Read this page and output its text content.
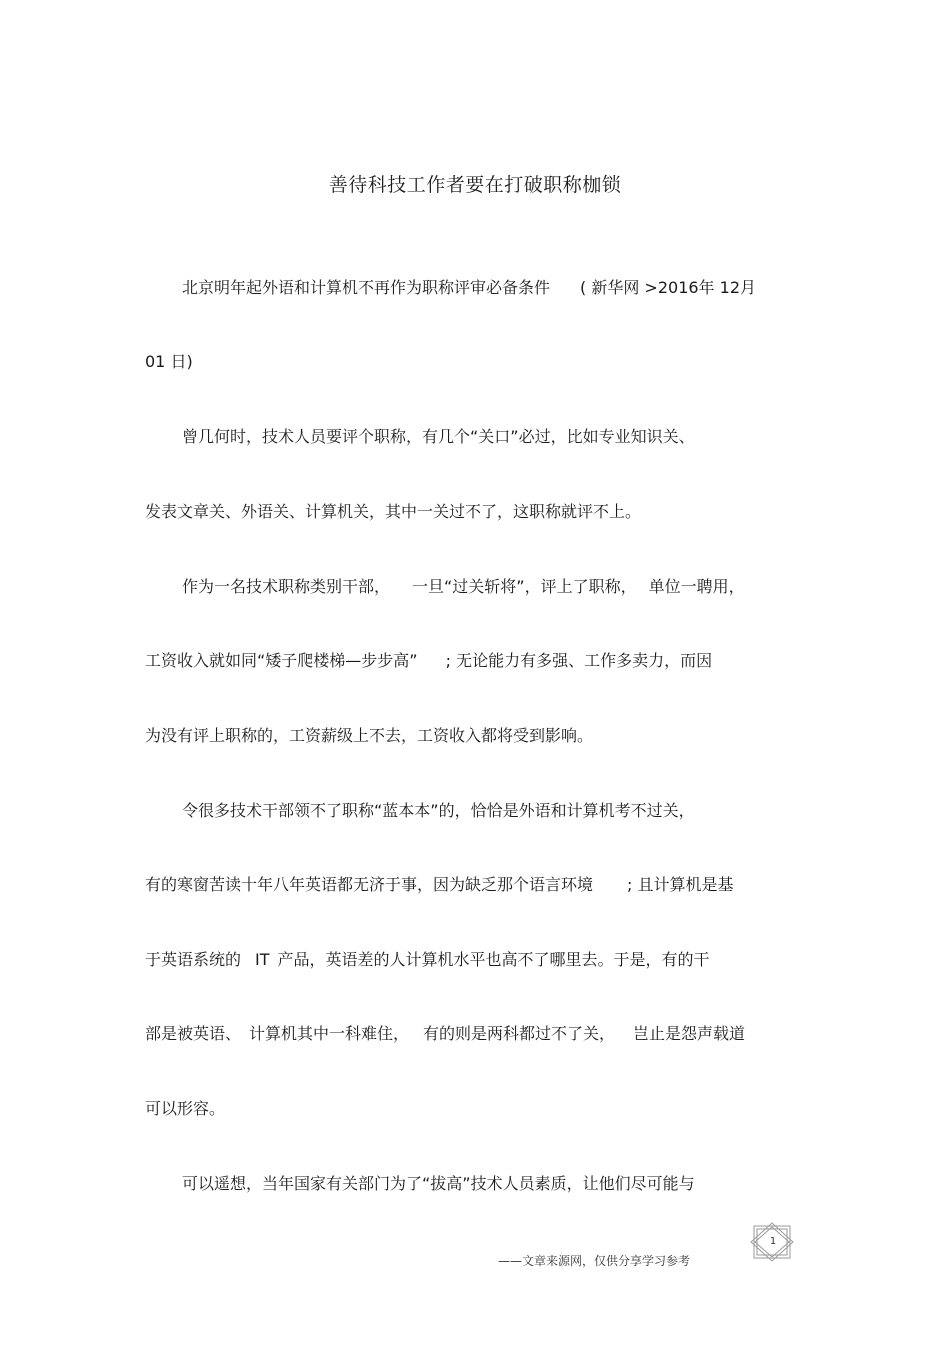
善待科技工作者要在打破职称枷锁
北京明年起外语和计算机不再作为职称评审必备条件 ( 新华网 >2016年 12月
01 日)
曾几何时，技术人员要评个职称，有几个“关口”必过，比如专业知识关、
发表文章关、外语关、计算机关，其中一关过不了，这职称就评不上。
作为一名技术职称类别干部， 一旦“过关斩将”，评上了职称， 单位一聘用，
工资收入就如同“矮子爬楼梯—步步高” ; 无论能力有多强、工作多卖力，而因
为没有评上职称的，工资薪级上不去，工资收入都将受到影响。
令很多技术干部领不了职称“蓝本本”的，恰恰是外语和计算机考不过关，
有的寒窗苦读十年八年英语都无济于事，因为缺乏那个语言环境 ; 且计算机是基
于英语系统的 IT 产品，英语差的人计算机水平也高不了哪里去。于是，有的干
部是被英语、 计算机其中一科难住， 有的则是两科都过不了关， 岂止是怨声载道
可以形容。
可以遥想，当年国家有关部门为了“拔高”技术人员素质，让他们尽可能与
——文章来源网，仅供分享学习参考
1
